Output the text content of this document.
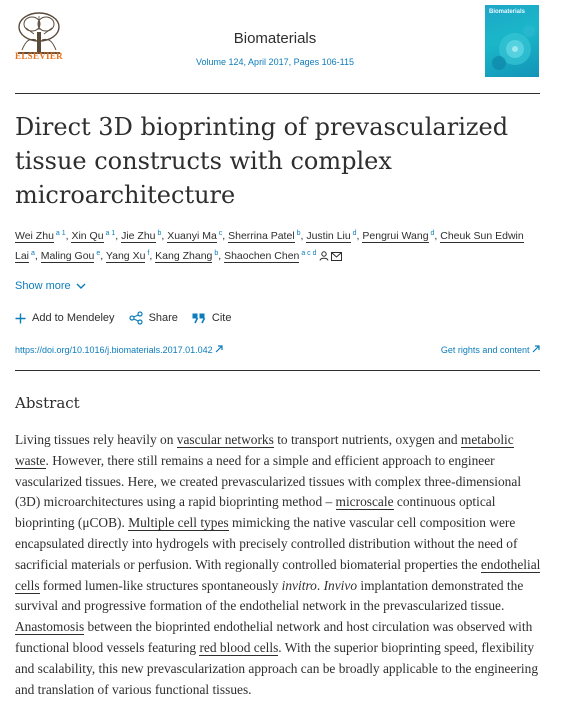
ELSEVIER
Biomaterials
Volume 124, April 2017, Pages 106-115
Biomaterials
Direct 3D bioprinting of prevascularized tissue constructs with complex microarchitecture
Wei Zhu $^{a 1}$, Xin Qu $^{a 1}$, Jie Zhu $^b$, Xuanyi Ma $^c$, Sherrina Patel $^b$, Justin Liu $^d$, Pengrui Wang $^d$, Cheuk Sun Edwin Lai $^a$, Maling Gou $^e$, Yang Xu $^f$, Kang Zhang $^b$, Shaochen Chen $^{a c d}$
Show more
Add to Mendeley	Share	Cite
https://doi.org/10.1016/j.biomaterials.2017.01.042	Get rights and content
Abstract

Living tissues rely heavily on vascular networks to transport nutrients, oxygen and metabolic waste. However, there still remains a need for a simple and efficient approach to engineer vascularized tissues. Here, we created prevascularized tissues with complex three-dimensional (3D) microarchitectures using a rapid bioprinting method – microscale continuous optical bioprinting (μCOB). Multiple cell types mimicking the native vascular cell composition were encapsulated directly into hydrogels with precisely controlled distribution without the need of sacrificial materials or perfusion. With regionally controlled biomaterial properties the endothelial cells formed lumen-like structures spontaneously invitro. Invivo implantation demonstrated the survival and progressive formation of the endothelial network in the prevascularized tissue. Anastomosis between the bioprinted endothelial network and host circulation was observed with functional blood vessels featuring red blood cells. With the superior bioprinting speed, flexibility and scalability, this new prevascularization approach can be broadly applicable to the engineering and translation of various functional tissues.
